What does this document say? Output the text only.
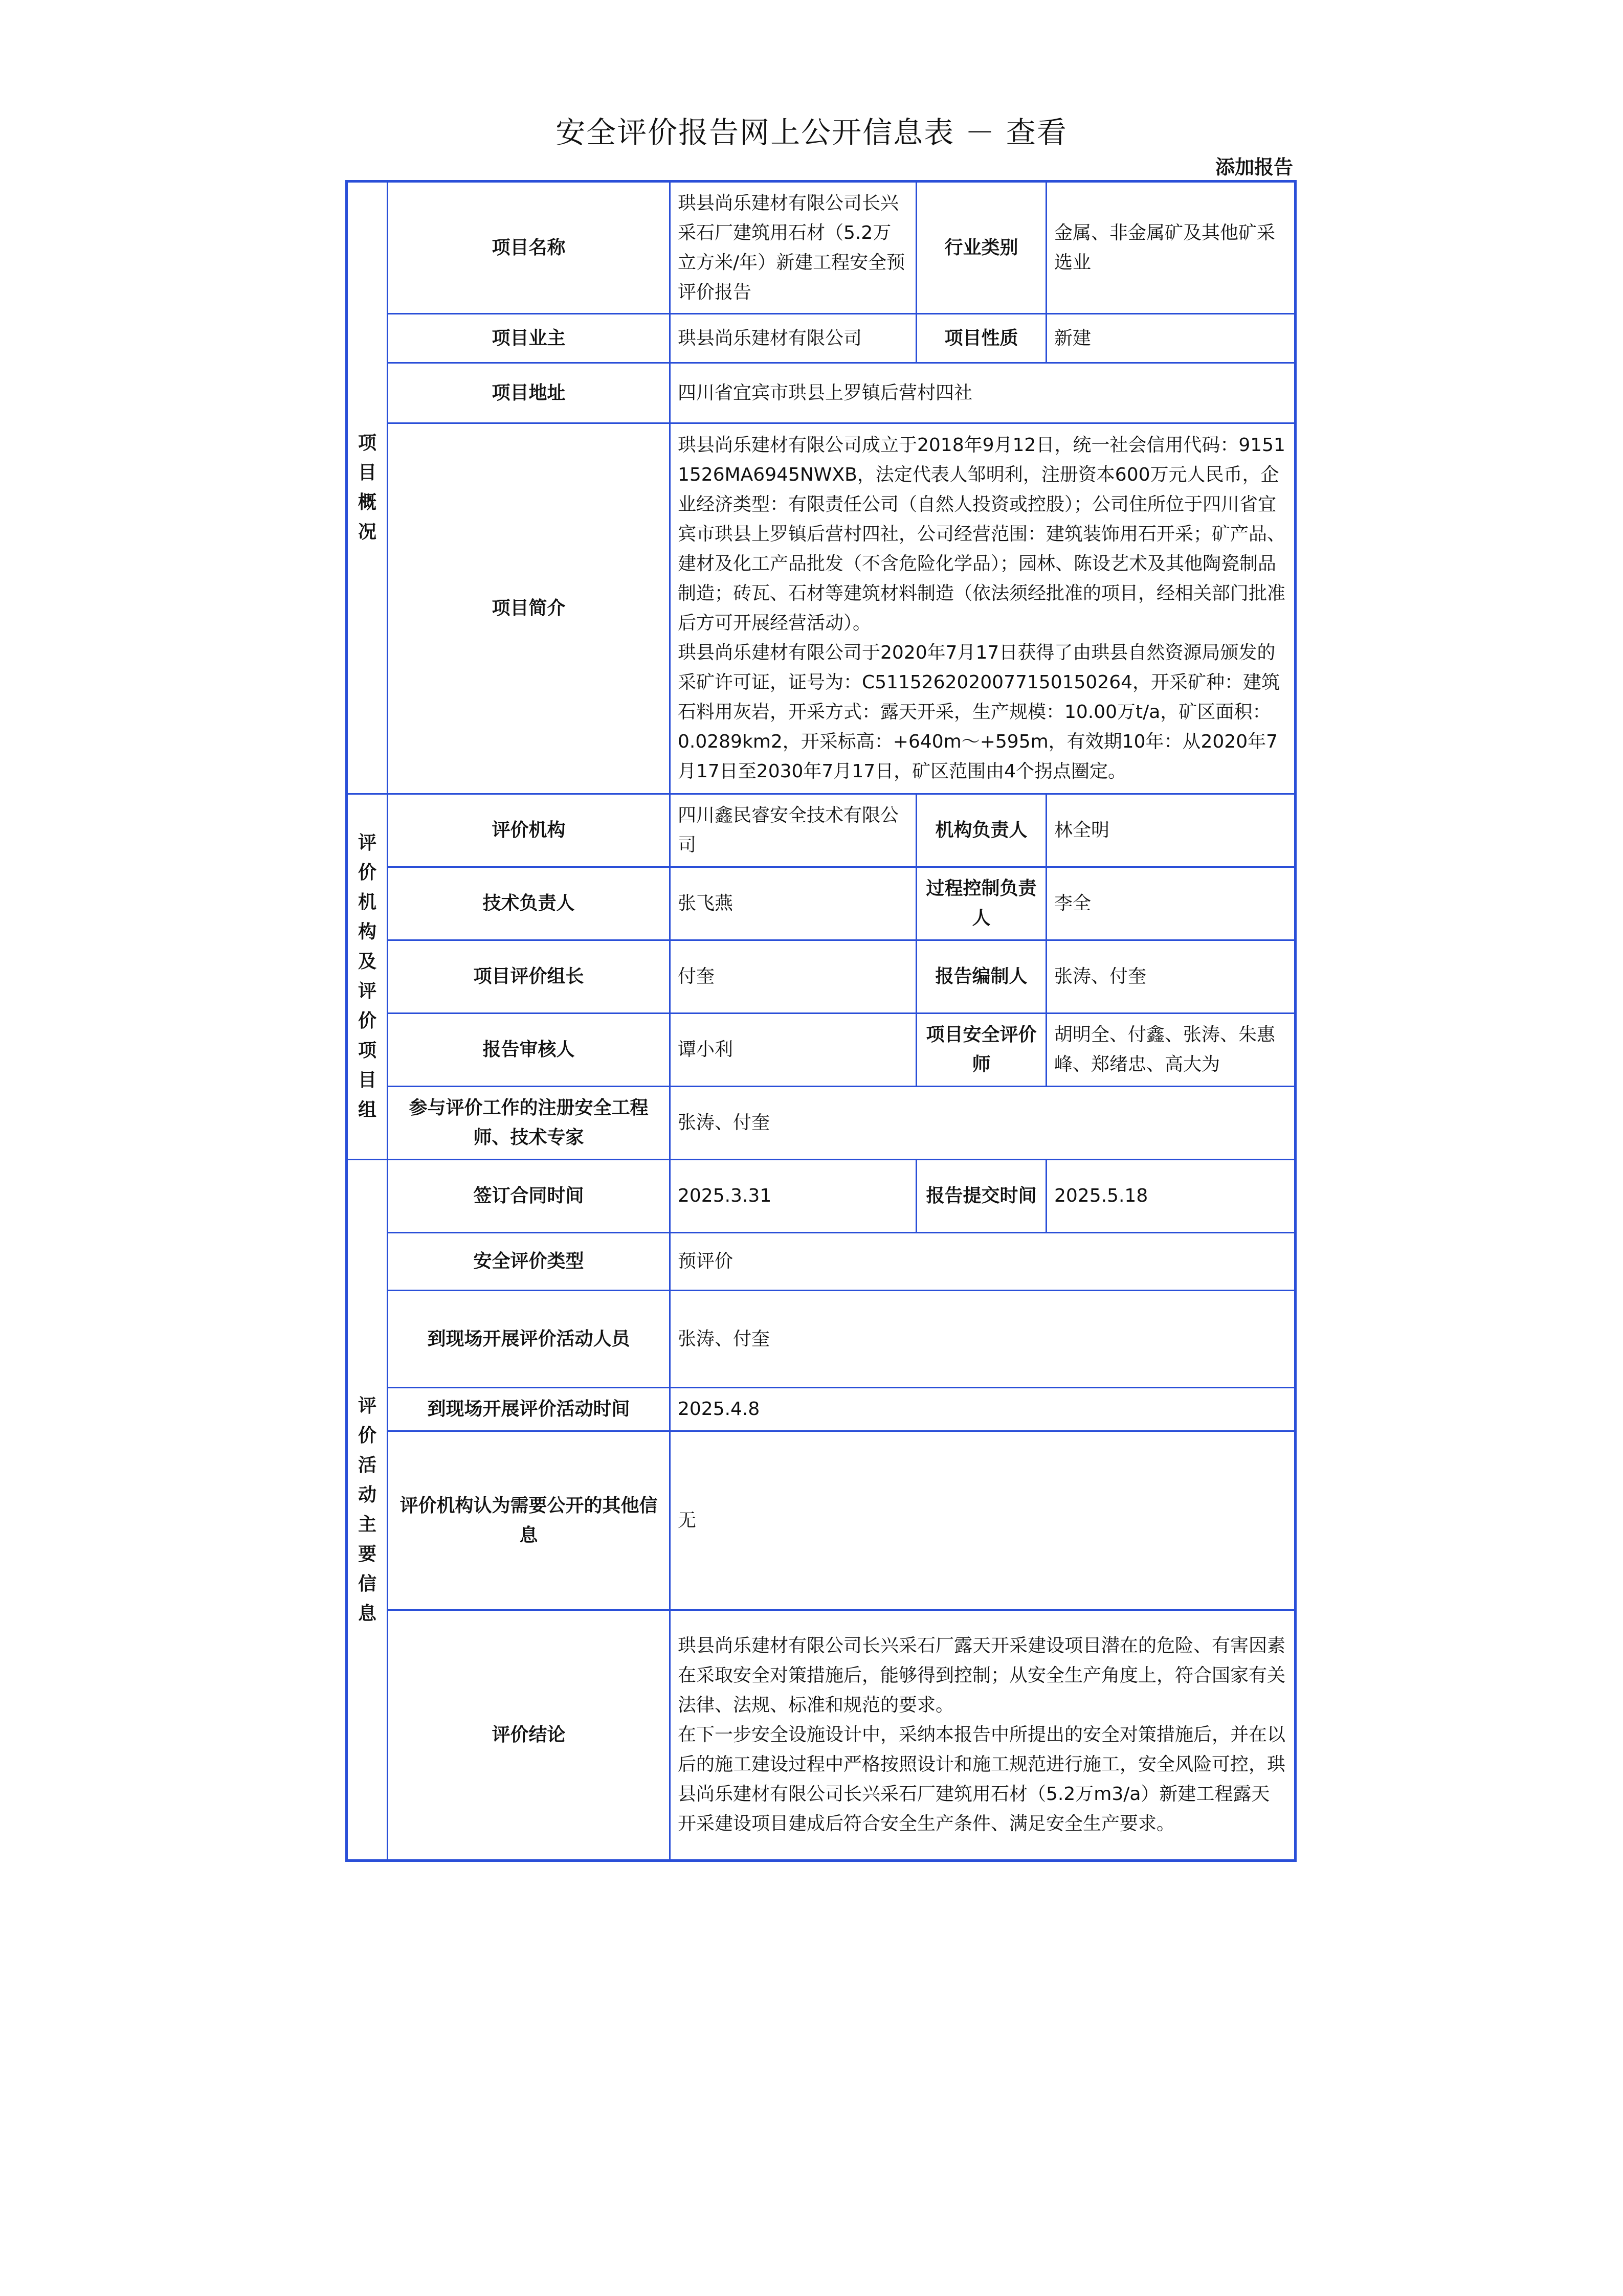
安全评价报告网上公开信息表 － 查看
添加报告
项目概况	项目名称	珙县尚乐建材有限公司长兴采石厂建筑用石材（5.2万立方米/年）新建工程安全预评价报告	行业类别	金属、非金属矿及其他矿采选业
	项目业主	珙县尚乐建材有限公司	项目性质	新建
	项目地址	四川省宜宾市珙县上罗镇后营村四社		
	项目简介	珙县尚乐建材有限公司成立于2018年9月12日，统一社会信用代码：91511526MA6945NWXB，法定代表人邹明利，注册资本600万元人民币，企业经济类型：有限责任公司（自然人投资或控股）；公司住所位于四川省宜宾市珙县上罗镇后营村四社，公司经营范围：建筑装饰用石开采；矿产品、建材及化工产品批发（不含危险化学品）；园林、陈设艺术及其他陶瓷制品制造；砖瓦、石材等建筑材料制造（依法须经批准的项目，经相关部门批准后方可开展经营活动）。
珙县尚乐建材有限公司于2020年7月17日获得了由珙县自然资源局颁发的采矿许可证，证号为：C5115262020077150150264，开采矿种：建筑石料用灰岩，开采方式：露天开采，生产规模：10.00万t/a，矿区面积：0.0289km2，开采标高：+640m～+595m，有效期10年：从2020年7月17日至2030年7月17日，矿区范围由4个拐点圈定。		

评价机构及评价项目组	评价机构	四川鑫民睿安全技术有限公司	机构负责人	林全明
	技术负责人	张飞燕	过程控制负责人	李全
	项目评价组长	付奎	报告编制人	张涛、付奎
	报告审核人	谭小利	项目安全评价师	胡明全、付鑫、张涛、朱惠峰、郑绪忠、高大为
	参与评价工作的注册安全工程师、技术专家	张涛、付奎		
评价活动主要信息	签订合同时间	2025.3.31	报告提交时间	2025.5.18
	安全评价类型	预评价		
	到现场开展评价活动人员	张涛、付奎		
	到现场开展评价活动时间	2025.4.8		
	评价机构认为需要公开的其他信息	无		
	评价结论	珙县尚乐建材有限公司长兴采石厂露天开采建设项目潜在的危险、有害因素在采取安全对策措施后，能够得到控制；从安全生产角度上，符合国家有关法律、法规、标准和规范的要求。
在下一步安全设施设计中，采纳本报告中所提出的安全对策措施后，并在以后的施工建设过程中严格按照设计和施工规范进行施工，安全风险可控，珙县尚乐建材有限公司长兴采石厂建筑用石材（5.2万m3/a）新建工程露天开采建设项目建成后符合安全生产条件、满足安全生产要求。		
